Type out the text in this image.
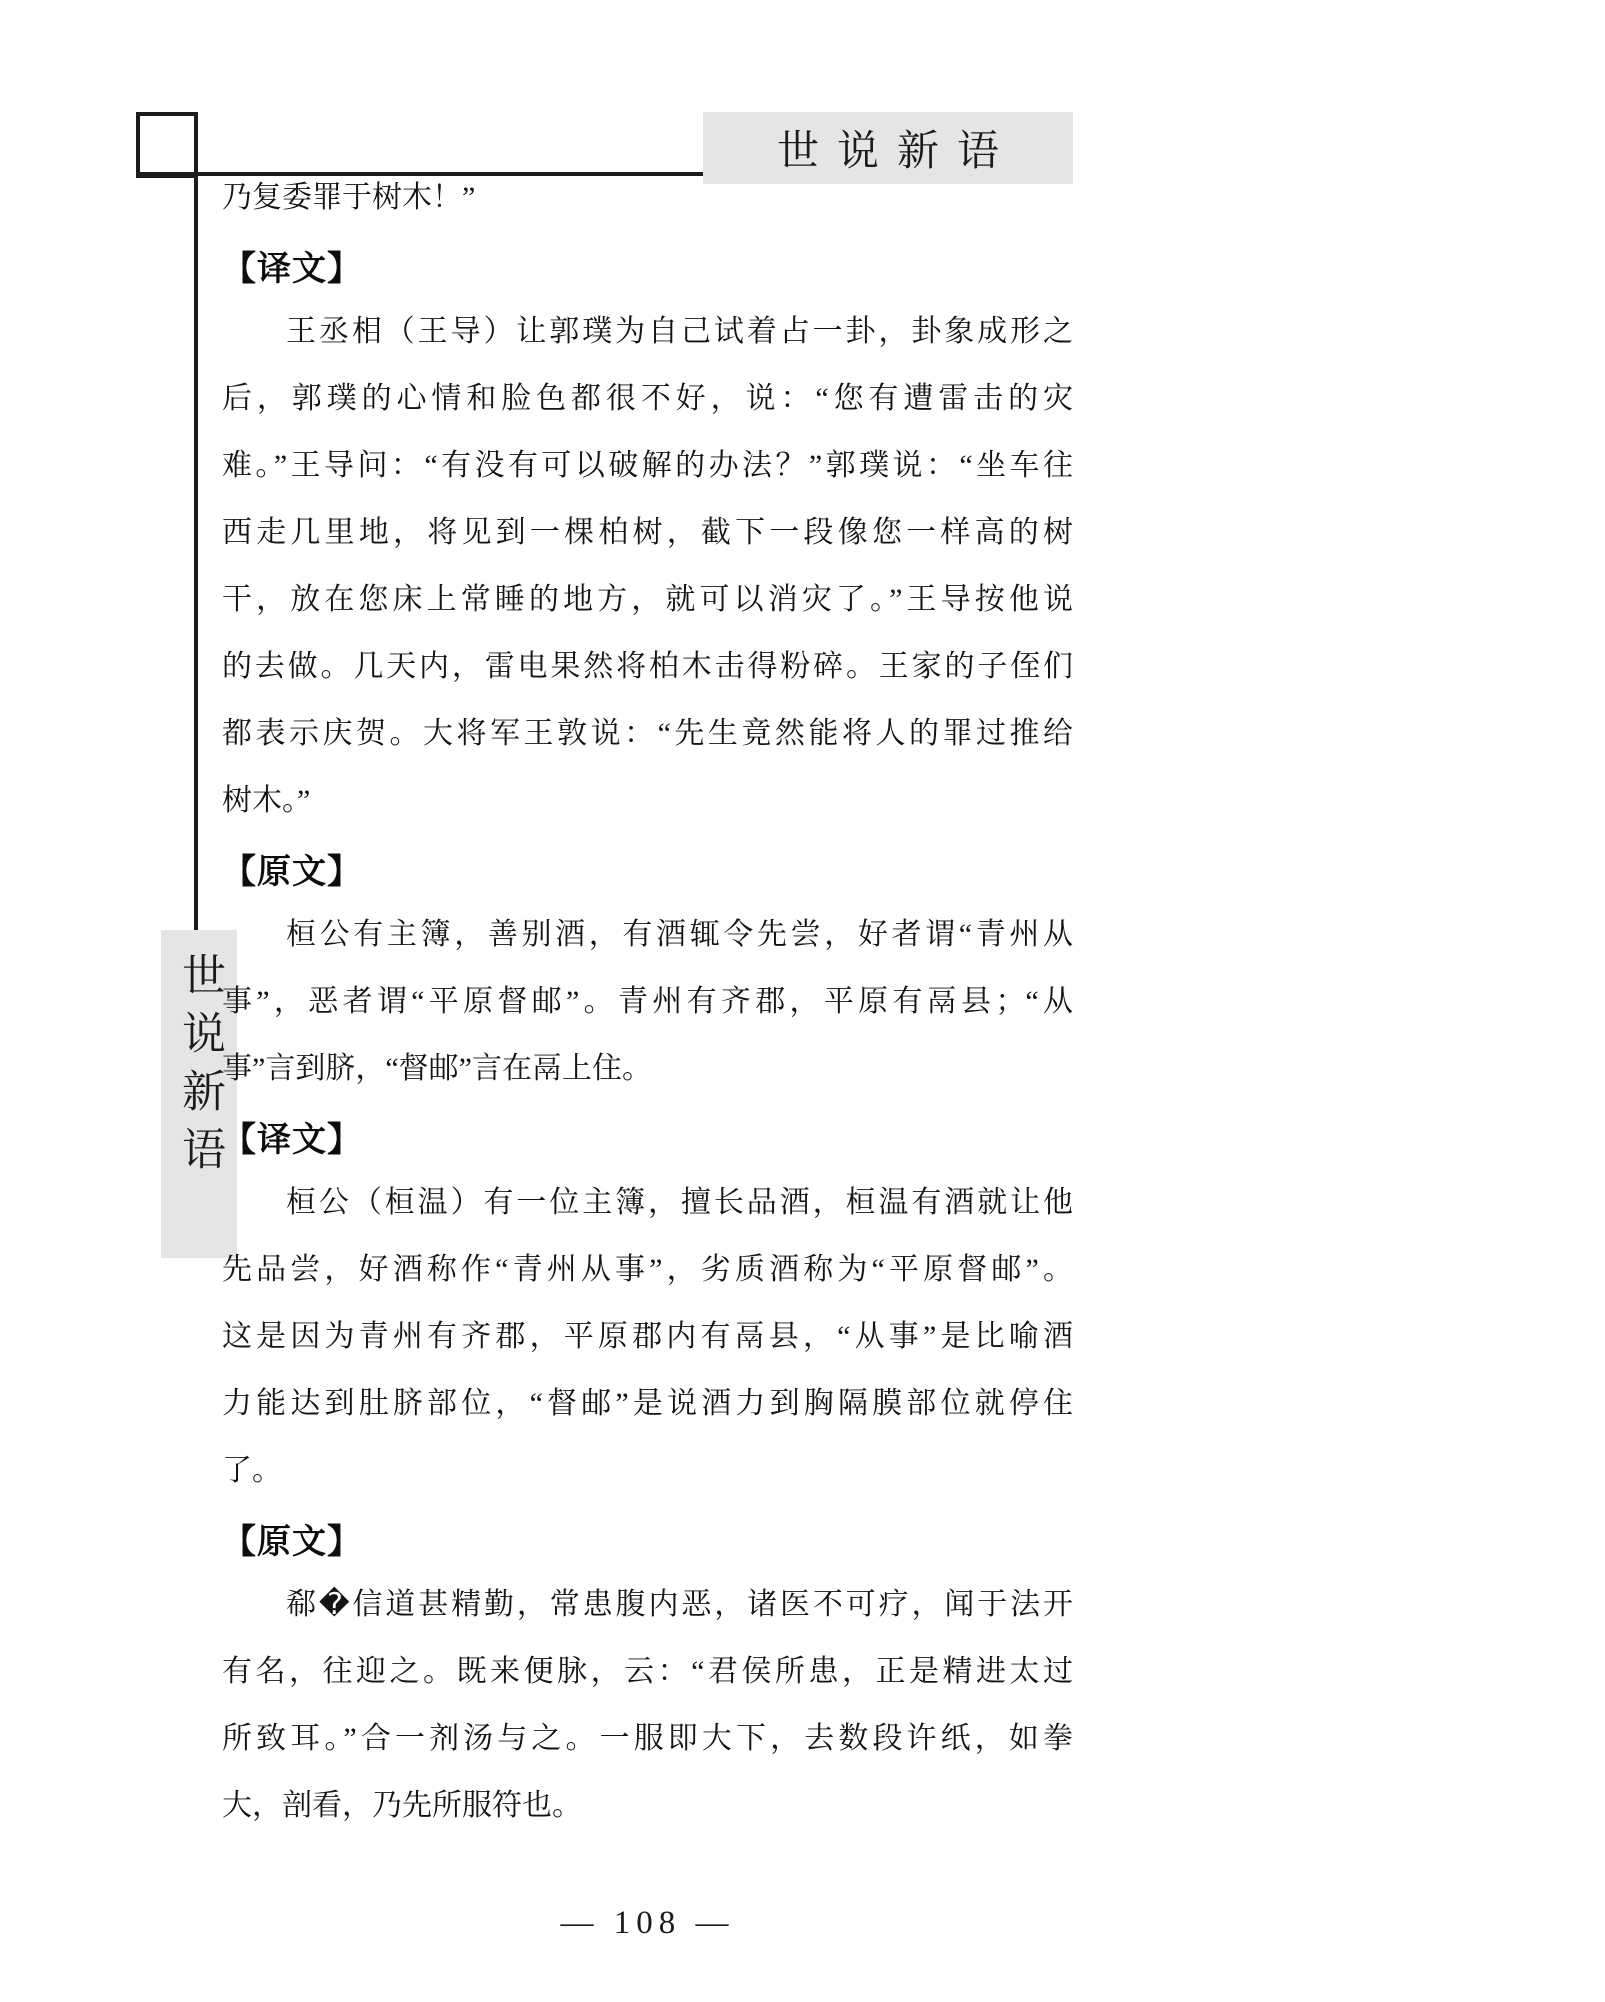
世说新语
世说新语
乃复委罪于树木！”
【译文】
王丞相（王导）让郭璞为自己试着占一卦，卦象成形之
后，郭璞的心情和脸色都很不好，说：“您有遭雷击的灾
难。”王导问：“有没有可以破解的办法？”郭璞说：“坐车往
西走几里地，将见到一棵柏树，截下一段像您一样高的树
干，放在您床上常睡的地方，就可以消灾了。”王导按他说
的去做。几天内，雷电果然将柏木击得粉碎。王家的子侄们
都表示庆贺。大将军王敦说：“先生竟然能将人的罪过推给
树木。”
【原文】
桓公有主簿，善别酒，有酒辄令先尝，好者谓“青州从
事”，恶者谓“平原督邮”。青州有齐郡，平原有鬲县；“从
事”言到脐，“督邮”言在鬲上住。
【译文】
桓公（桓温）有一位主簿，擅长品酒，桓温有酒就让他
先品尝，好酒称作“青州从事”，劣质酒称为“平原督邮”。
这是因为青州有齐郡，平原郡内有鬲县，“从事”是比喻酒
力能达到肚脐部位，“督邮”是说酒力到胸隔膜部位就停住
了。
【原文】
郗�信道甚精勤，常患腹内恶，诸医不可疗，闻于法开
有名，往迎之。既来便脉，云：“君侯所患，正是精进太过
所致耳。”合一剂汤与之。一服即大下，去数段许纸，如拳
大，剖看，乃先所服符也。
— 108 —
